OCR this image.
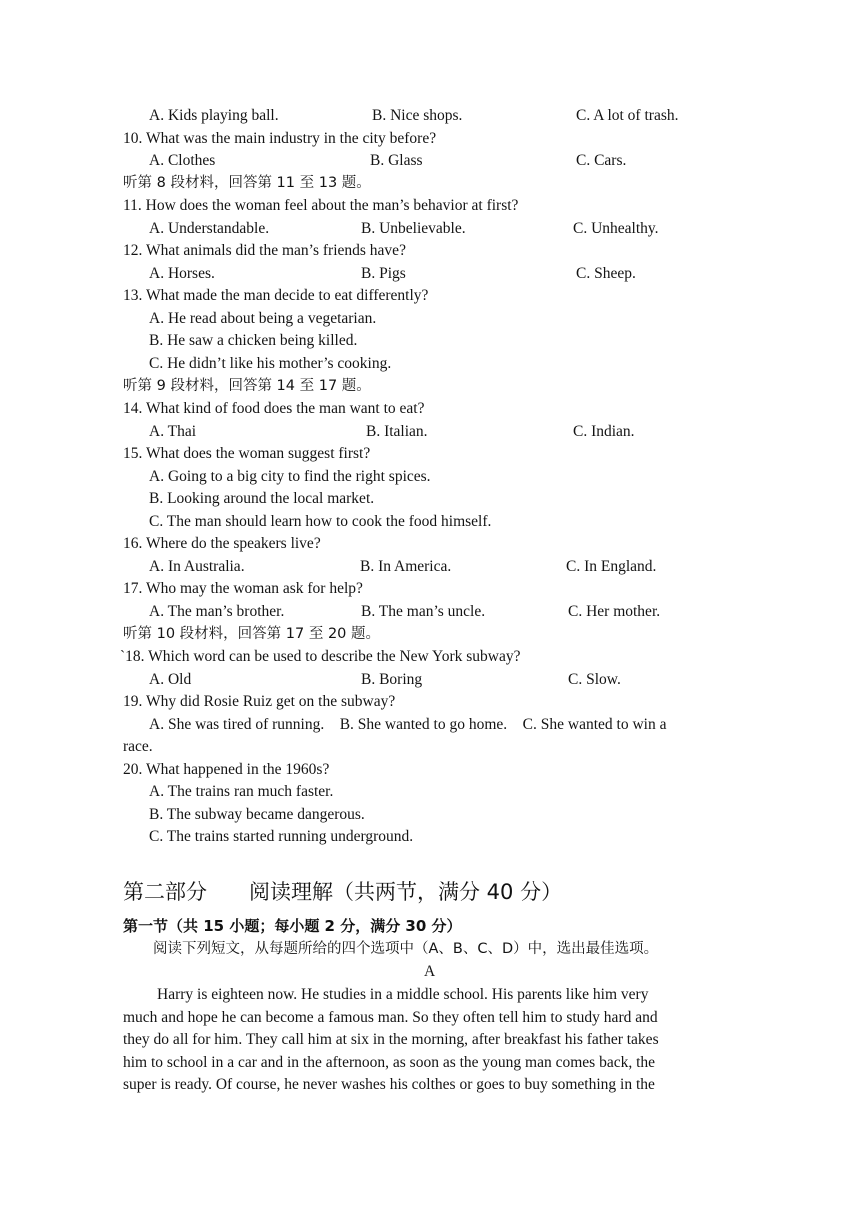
A. Kids playing ball.	B. Nice shops.	C. A lot of trash.
10. What was the main industry in the city before?
A. Clothes	B. Glass	C. Cars.
听第 8 段材料，回答第 11 至 13 题。
11. How does the woman feel about the man’s behavior at first?
A. Understandable.	B. Unbelievable.	C. Unhealthy.
12. What animals did the man’s friends have?
A. Horses.	B. Pigs	C. Sheep.
13. What made the man decide to eat differently?
A. He read about being a vegetarian.
B. He saw a chicken being killed.
C. He didn’t like his mother’s cooking.
听第 9 段材料，回答第 14 至 17 题。
14. What kind of food does the man want to eat?
A. Thai	B. Italian.	C. Indian.
15. What does the woman suggest first?
A. Going to a big city to find the right spices.
B. Looking around the local market.
C. The man should learn how to cook the food himself.
16. Where do the speakers live?
A. In Australia.	B. In America.	C. In England.
17. Who may the woman ask for help?
A. The man’s brother.	B. The man’s uncle.	C. Her mother.
听第 10 段材料，回答第 17 至 20 题。
`18. Which word can be used to describe the New York subway?
A. Old	B. Boring	C. Slow.
19. Why did Rosie Ruiz get on the subway?
A. She was tired of running.    B. She wanted to go home.    C. She wanted to win a
race.
20. What happened in the 1960s?
A. The trains ran much faster.
B. The subway became dangerous.
C. The trains started running underground.
第二部分　　阅读理解（共两节，满分 40 分）
第一节（共 15 小题；每小题 2 分，满分 30 分）
阅读下列短文，从每题所给的四个选项中（A、B、C、D）中，选出最佳选项。
A
Harry is eighteen now. He studies in a middle school. His parents like him very
much and hope he can become a famous man. So they often tell him to study hard and
they do all for him. They call him at six in the morning, after breakfast his father takes
him to school in a car and in the afternoon, as soon as the young man comes back, the
super is ready. Of course, he never washes his colthes or goes to buy something in the
